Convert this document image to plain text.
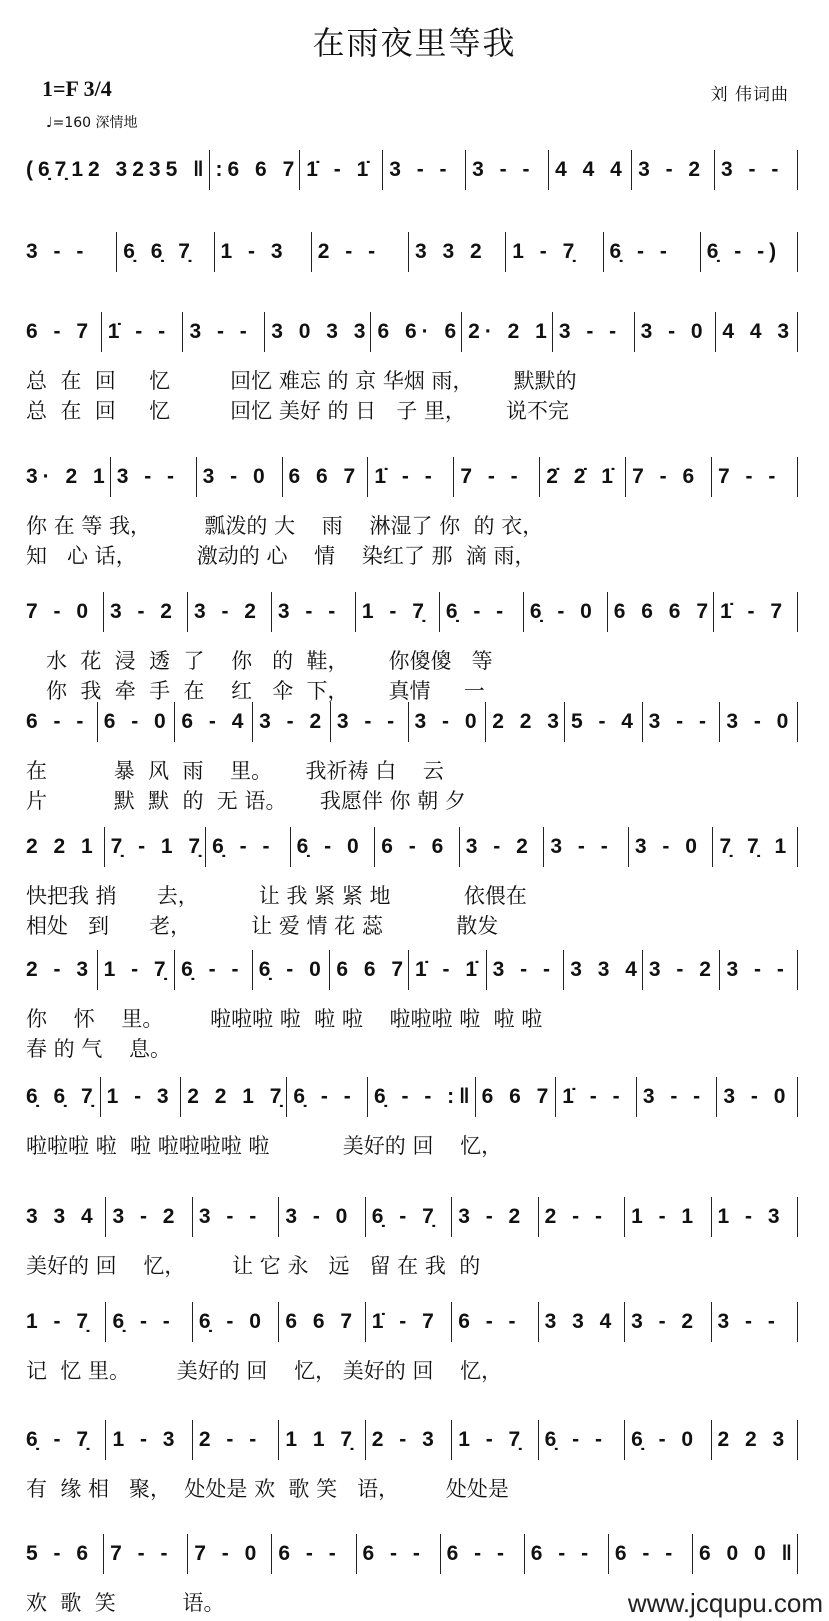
在雨夜里等我
1=F 3/4
♩=160 深情地
刘 伟词曲
(6̣7̣12 3235 ‖ :6 6 7 1̇ - 1̇ 3 - - 3 - - 4 4 4 3 - 2 3 - -
3 - -	6̣ 6̣ 7̣	1 - 3	2 - -	3 3 2	1 - 7̣	6̣ - -	6̣ - -)
6 - 7 1̇ - - 3 - - 3 0 3 3 6 6· 6 2· 2 1 3 - - 3 - 0 4 4 3
总  在  回     忆         回忆 难忘 的 京 华烟 雨，      默默的
总  在  回     忆         回忆 美好 的 日   子 里，      说不完
3· 2 1 3 - -	3 - 0 6 6 7 1̇ - -	7 - -	2̇ 2̇ 1̇ 7 - 6 7 - -
你 在 等 我，        瓢泼的 大    雨    淋湿了 你  的 衣，
知   心 话，         激动的 心    情    染红了 那  滴 雨，
7 - 0 3 - 2 3 - 2 3 - -	1 - 7̣ 6̣ - -	6̣ - 0 6 6 6 7 1̇ - 7
水  花  浸  透  了    你   的  鞋，      你傻傻   等
你  我  牵  手  在    红   伞  下，      真情     一
6 - - 6 - 0 6 - 4 3 - 2 3 - - 3 - 0 2 2 3 5 - 4 3 - - 3 - 0
在          暴  风  雨    里。     我祈祷 白    云
片          默  默  的  无 语。     我愿伴 你 朝 夕
2 2 1 7̣ - 1 7̣ 6̣ - -	6̣ - 0 6 - 6 3 - 2 3 - -	3 - 0 7̣ 7̣ 1
快把我 捎      去，         让 我 紧 紧 地           依偎在
相处   到      老，         让 爱 情 花 蕊           散发
2 - 3 1 - 7̣ 6̣ - - 6̣ - 0 6 6 7 1̇ - 1̇ 3 - - 3 3 4 3 - 2 3 - -
你    怀    里。       啦啦啦 啦  啦 啦    啦啦啦 啦  啦 啦
春 的 气    息。
6̣ 6̣ 7̣ 1 - 3 2 2 1 7̣ 6̣ - - 6̣ - - :‖ 6 6 7 1̇ - - 3 - - 3 - 0
啦啦啦 啦  啦 啦啦啦啦 啦           美好的 回    忆，
3 3 4 3 - 2 3 - -	3 - 0 6̣ - 7̣ 3 - 2 2 - -	1 - 1 1 - 3
美好的 回    忆，       让 它 永   远   留 在 我  的
1 - 7̣ 6̣ - -	6̣ - 0 6 6 7 1̇ - 7 6 - -	3 3 4 3 - 2 3 - -
记  忆 里。       美好的 回    忆， 美好的 回    忆，
6̣ - 7̣ 1 - 3 2 - -	1 1 7̣ 2 - 3 1 - 7̣ 6̣ - -	6̣ - 0 2 2 3
有  缘 相   聚，  处处是 欢  歌 笑   语，       处处是
5 - 6 7 - -	7 - 0 6 - -	6 - -	6 - -	6 - -	6 - -	6 0 0 ‖
欢  歌  笑          语。	www.jcqupu.com
